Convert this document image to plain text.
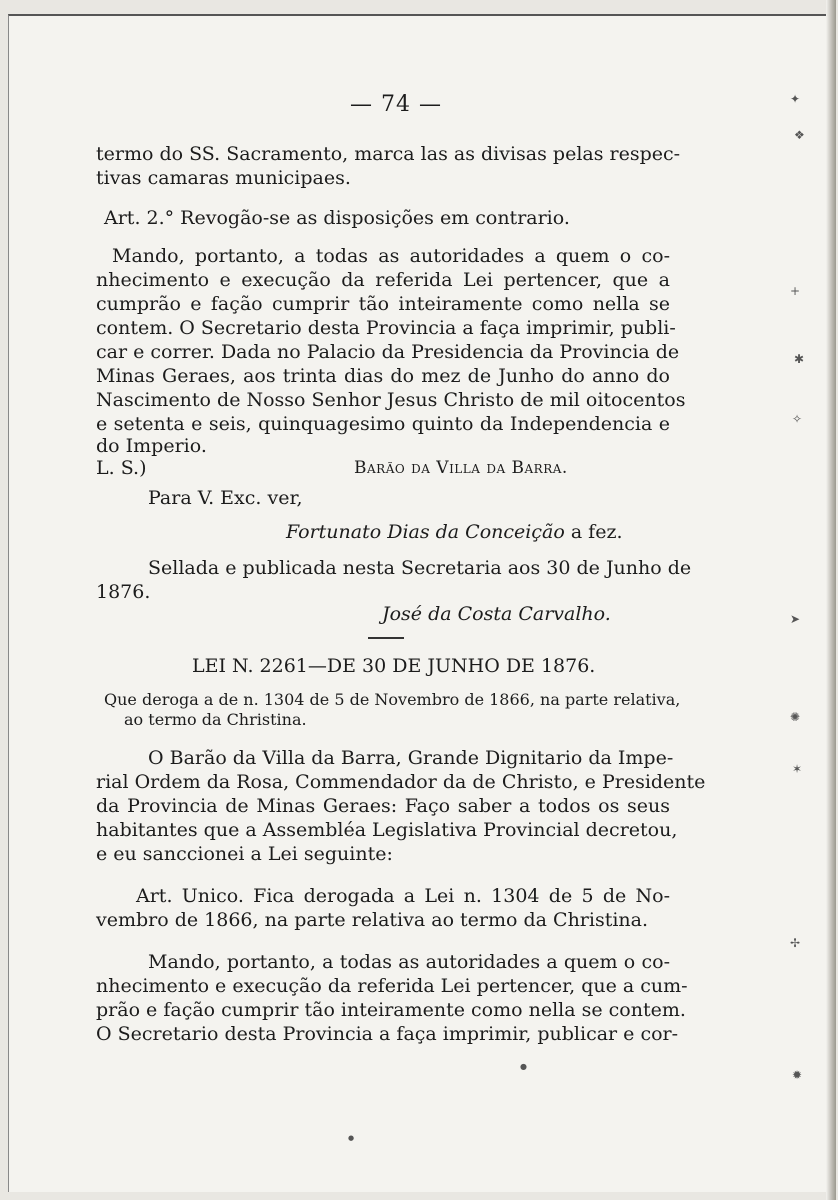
— 74 —
termo do SS. Sacramento, marca las as divisas pelas respec-
tivas camaras municipaes.
Art. 2.° Revogão-se as disposições em contrario.
Mando, portanto, a todas as autoridades a quem o co-
nhecimento e execução da referida Lei pertencer, que a
cumprão e fação cumprir tão inteiramente como nella se
contem. O Secretario desta Provincia a faça imprimir, publi-
car e correr. Dada no Palacio da Presidencia da Provincia de
Minas Geraes, aos trinta dias do mez de Junho do anno do
Nascimento de Nosso Senhor Jesus Christo de mil oitocentos
e setenta e seis, quinquagesimo quinto da Independencia e
do Imperio.
L. S.)	Barão da Villa da Barra.
Para V. Exc. ver,
Fortunato Dias da Conceição a fez.
Sellada e publicada nesta Secretaria aos 30 de Junho de
1876.
José da Costa Carvalho.
LEI N. 2261—DE 30 DE JUNHO DE 1876.
Que deroga a de n. 1304 de 5 de Novembro de 1866, na parte relativa,
ao termo da Christina.
O Barão da Villa da Barra, Grande Dignitario da Impe-
rial Ordem da Rosa, Commendador da de Christo, e Presidente
da Provincia de Minas Geraes: Faço saber a todos os seus
habitantes que a Assembléa Legislativa Provincial decretou,
e eu sanccionei a Lei seguinte:
Art. Unico. Fica derogada a Lei n. 1304 de 5 de No-
vembro de 1866, na parte relativa ao termo da Christina.
Mando, portanto, a todas as autoridades a quem o co-
nhecimento e execução da referida Lei pertencer, que a cum-
prão e fação cumprir tão inteiramente como nella se contem.
O Secretario desta Provincia a faça imprimir, publicar e cor-
✦
❖
+
✱
✧
➤
✺
✶
✢
✹
●
●
